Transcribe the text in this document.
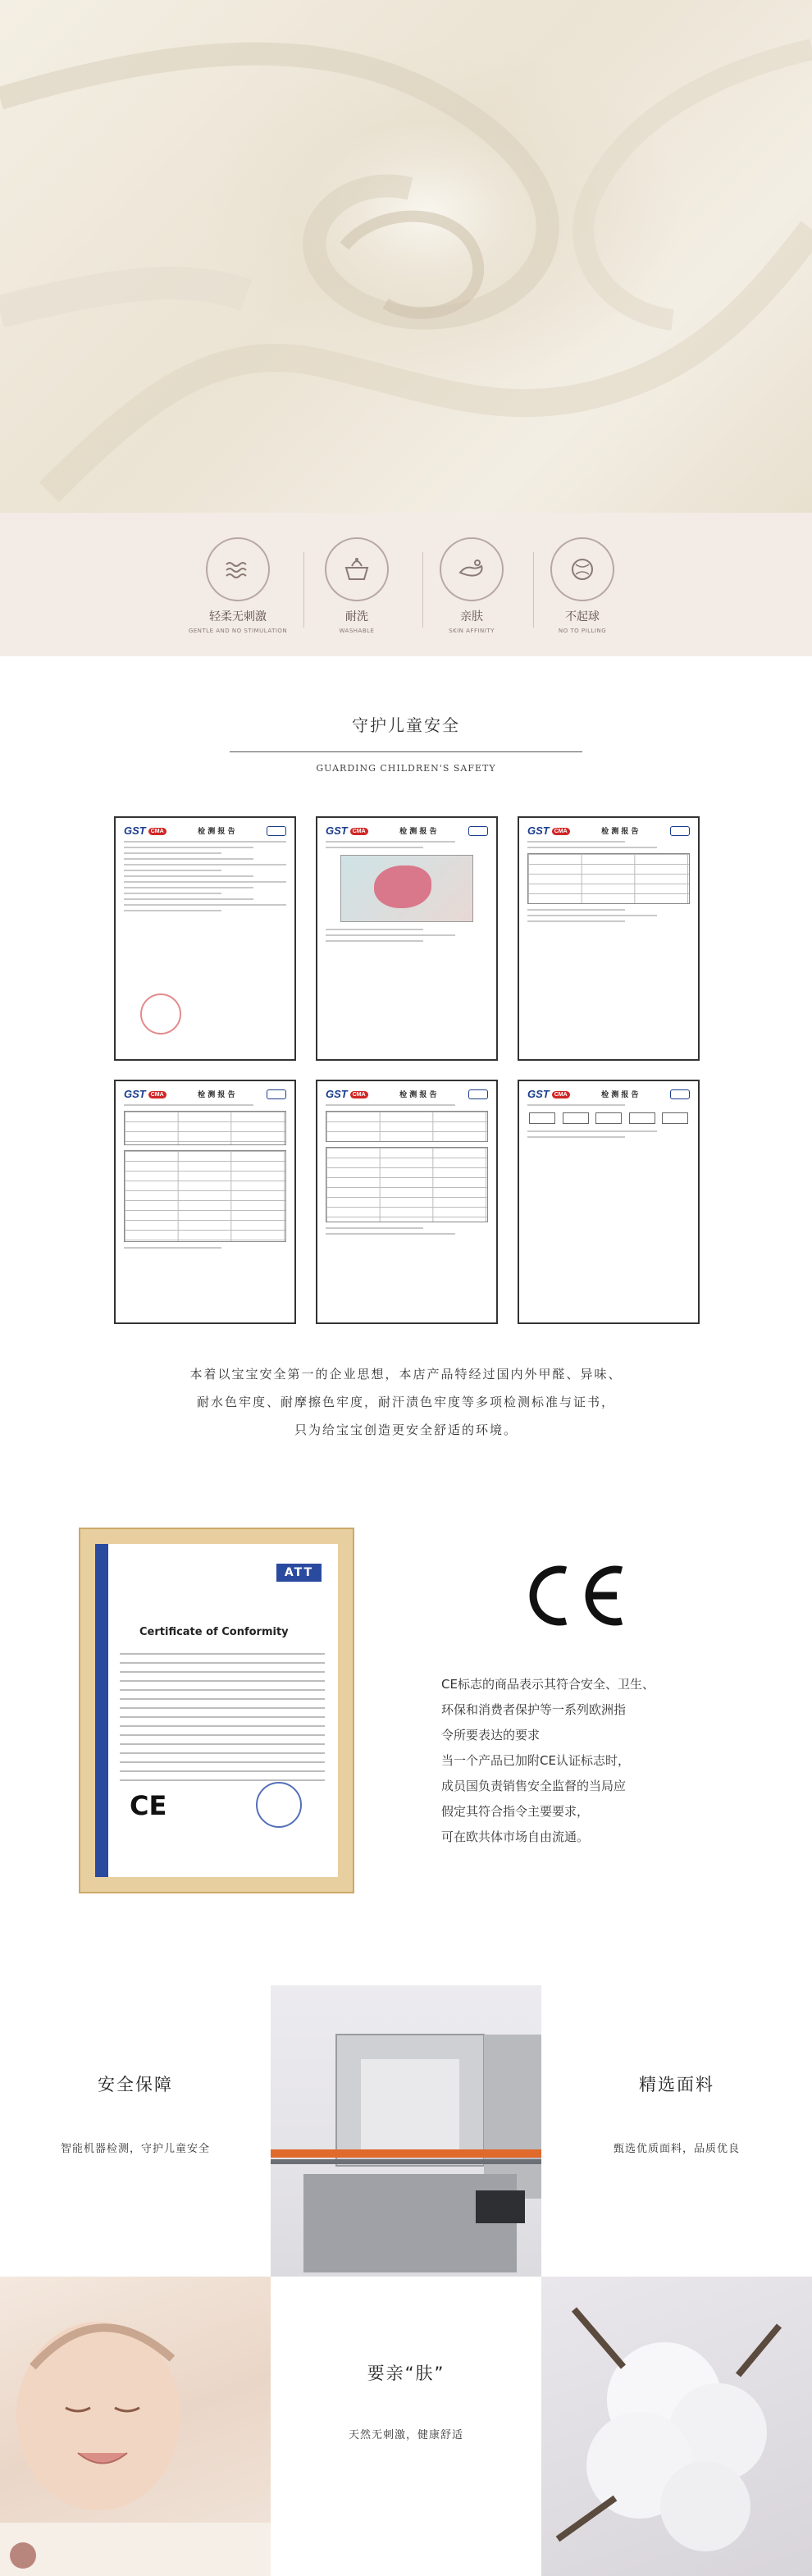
轻柔无刺激
GENTLE AND NO STIMULATION
耐洗
WASHABLE
亲肤
SKIN AFFINITY
不起球
NO TO PILLING
守护儿童安全
GUARDING CHILDREN'S SAFETY
GST CMA	检 测 报 告	GST CMA	检 测 报 告	GST CMA	检 测 报 告
GST CMA	检 测 报 告	GST CMA	检 测 报 告	GST CMA	检 测 报 告
本着以宝宝安全第一的企业思想，本店产品特经过国内外甲醛、异味、
耐水色牢度、耐摩擦色牢度，耐汗渍色牢度等多项检测标准与证书，
只为给宝宝创造更安全舒适的环境。
ATT
Certificate of Conformity
CE
CE标志的商品表示其符合安全、卫生、
环保和消费者保护等一系列欧洲指
令所要表达的要求
当一个产品已加附CE认证标志时，
成员国负责销售安全监督的当局应
假定其符合指令主要要求，
可在欧共体市场自由流通。
安全保障
智能机器检测，守护儿童安全
精选面料
甄选优质面料，品质优良
要亲“肤”
天然无刺激，健康舒适
